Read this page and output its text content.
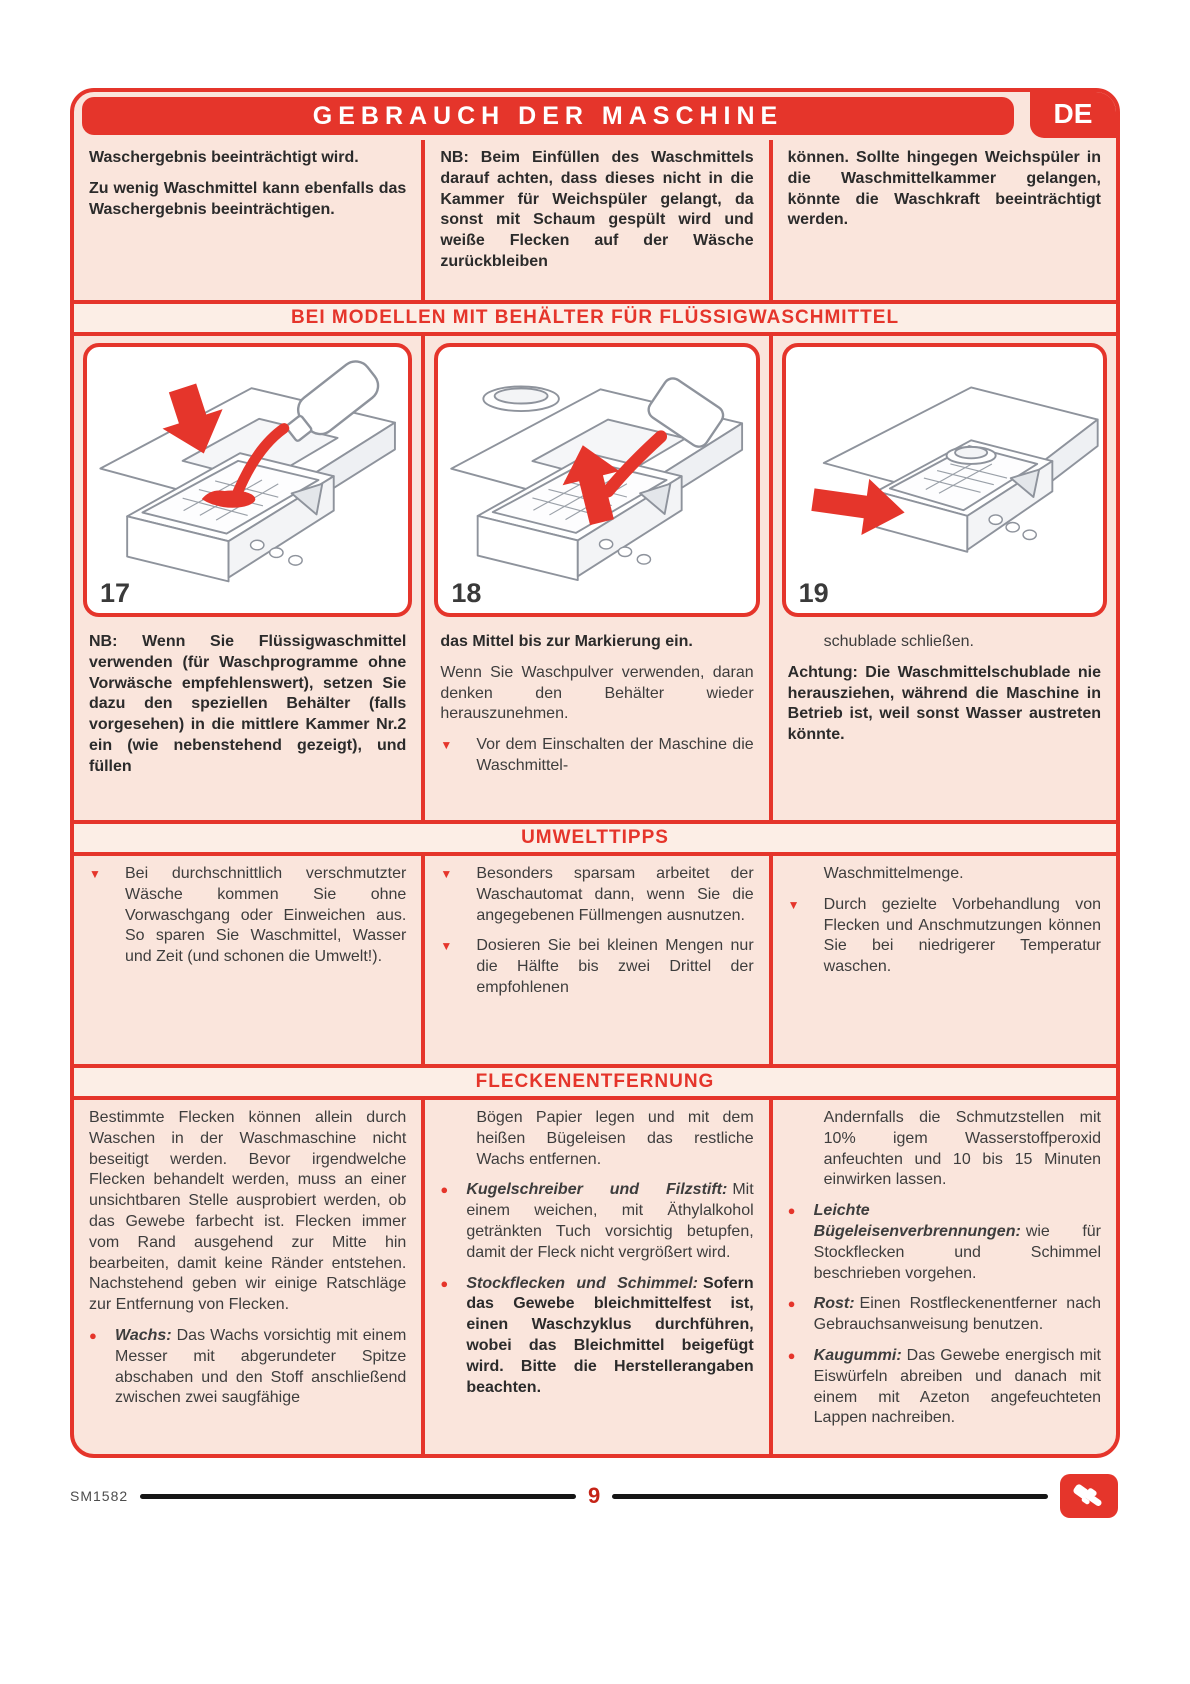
GEBRAUCH DER MASCHINE	DE

Waschergebnis beeinträchtigt wird.

Zu wenig Waschmittel kann ebenfalls das Waschergebnis beeinträchtigen.

NB: Beim Einfüllen des Waschmittels darauf achten, dass dieses nicht in die Kammer für Weichspüler gelangt, da sonst mit Schaum gespült wird und weiße Flecken auf der Wäsche zurückbleiben

können. Sollte hingegen Weichspüler in die Waschmittelkammer gelangen, könnte die Waschkraft beeinträchtigt werden.

BEI MODELLEN MIT BEHÄLTER FÜR FLÜSSIGWASCHMITTEL
17	18	19

NB: Wenn Sie Flüssigwaschmittel verwenden (für Waschprogramme ohne Vorwäsche empfehlenswert), setzen Sie dazu den speziellen Behälter (falls vorgesehen) in die mittlere Kammer Nr.2 ein (wie nebenstehend gezeigt), und füllen

das Mittel bis zur Markierung ein.

Wenn Sie Waschpulver verwenden, daran denken den Behälter wieder herauszunehmen.

▼	Vor dem Einschalten der Maschine die Waschmittel-

schublade schließen.

Achtung: Die Waschmittelschublade nie herausziehen, während die Maschine in Betrieb ist, weil sonst Wasser austreten könnte.

UMWELTTIPPS
▼	Bei durchschnittlich verschmutzter Wäsche kommen Sie ohne Vorwaschgang oder Einweichen aus. So sparen Sie Waschmittel, Wasser und Zeit (und schonen die Umwelt!).

▼	Besonders sparsam arbeitet der Waschautomat dann, wenn Sie die angegebenen Füllmengen ausnutzen.

▼	Dosieren Sie bei kleinen Mengen nur die Hälfte bis zwei Drittel der empfohlenen

Waschmittelmenge.

▼	Durch gezielte Vorbehandlung von Flecken und Anschmutzungen können Sie bei niedrigerer Temperatur waschen.

FLECKENENTFERNUNG

Bestimmte Flecken können allein durch Waschen in der Waschmaschine nicht beseitigt werden. Bevor irgendwelche Flecken behandelt werden, muss an einer unsichtbaren Stelle ausprobiert werden, ob das Gewebe farbecht ist. Flecken immer vom Rand ausgehend zur Mitte hin bearbeiten, damit keine Ränder entstehen. Nachstehend geben wir einige Ratschläge zur Entfernung von Flecken.

●	Wachs: Das Wachs vorsichtig mit einem Messer mit abgerundeter Spitze abschaben und den Stoff anschließend zwischen zwei saugfähige

Bögen Papier legen und mit dem heißen Bügeleisen das restliche Wachs entfernen.

●	Kugelschreiber und Filzstift: Mit einem weichen, mit Äthylalkohol getränkten Tuch vorsichtig betupfen, damit der Fleck nicht vergrößert wird.

●	Stockflecken und Schimmel: Sofern das Gewebe bleichmittelfest ist, einen Waschzyklus durchführen, wobei das Bleichmittel beigefügt wird. Bitte die Herstellerangaben beachten.

Andernfalls die Schmutzstellen mit 10% igem Wasserstoffperoxid anfeuchten und 10 bis 15 Minuten einwirken lassen.

●	Leichte Bügeleisenverbrennungen: wie für Stockflecken und Schimmel beschrieben vorgehen.

●	Rost: Einen Rostfleckenentferner nach Gebrauchsanweisung benutzen.

●	Kaugummi: Das Gewebe energisch mit Eiswürfeln abreiben und danach mit einem mit Azeton angefeuchteten Lappen nachreiben.

SM1582	9
